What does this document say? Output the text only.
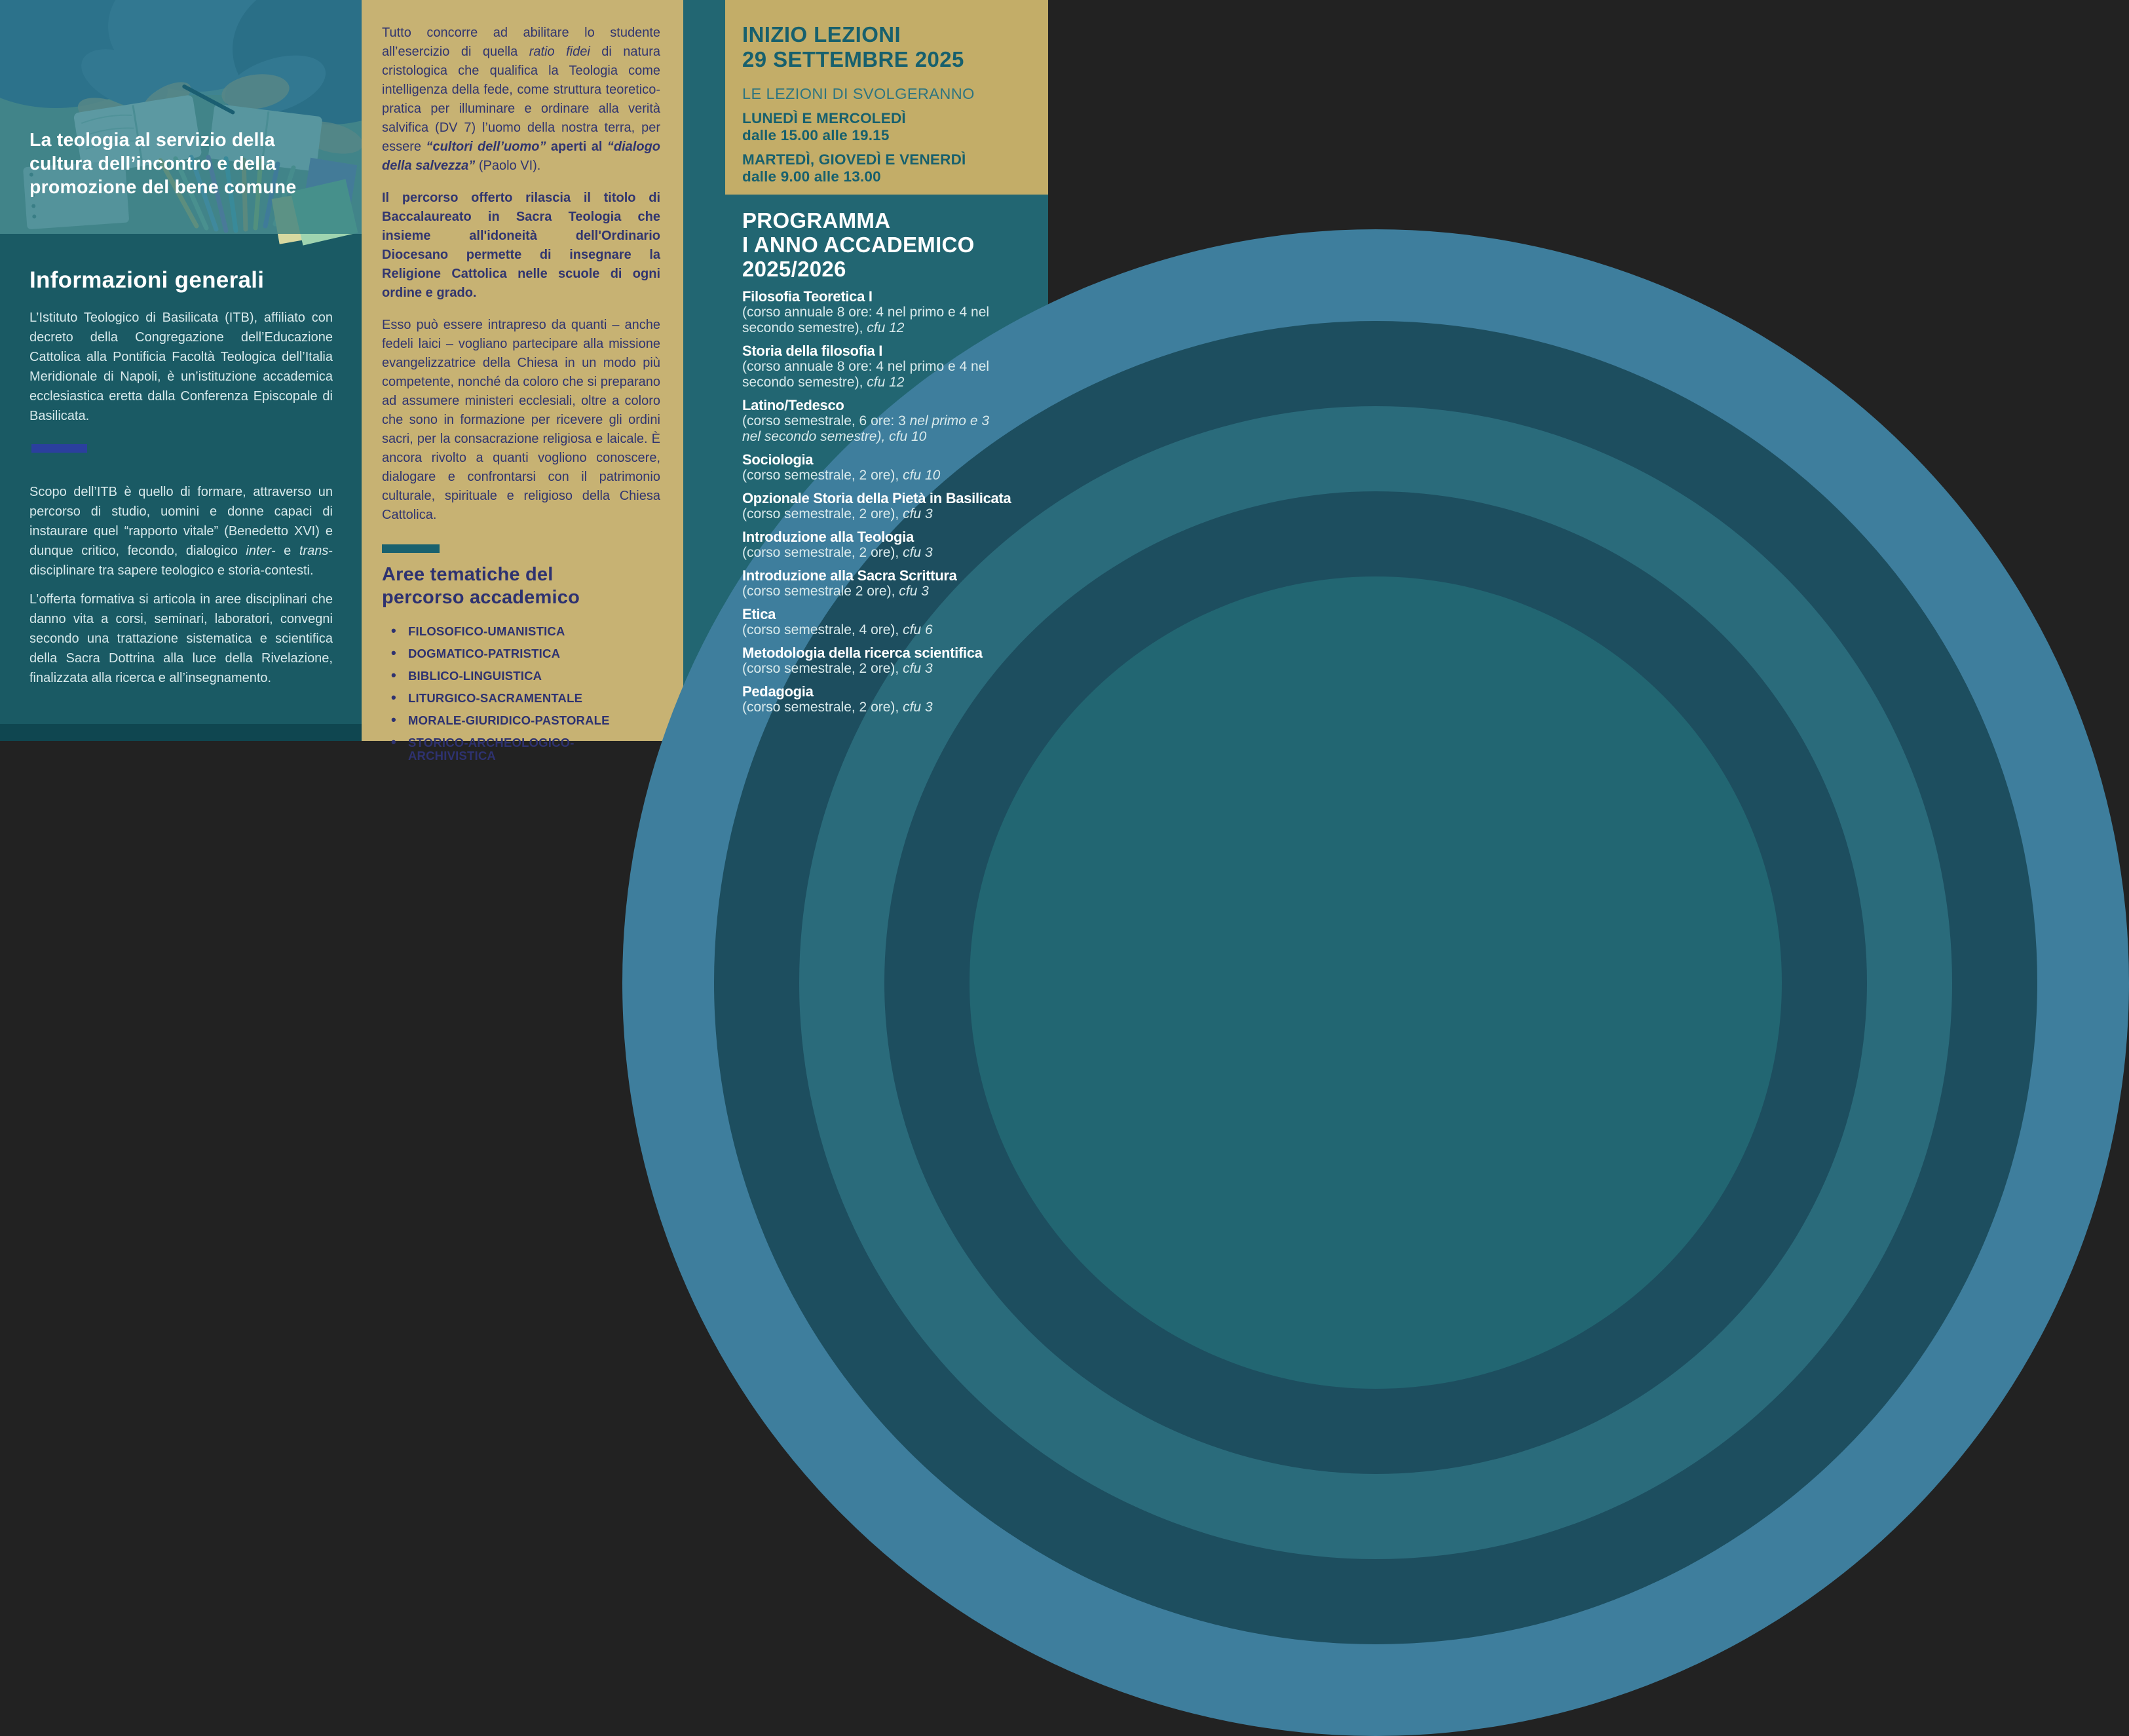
La teologia al servizio della
cultura dell’incontro e della
promozione del bene comune
Informazioni generali

L’Istituto Teologico di Basilicata (ITB), affiliato con decreto della Congregazione dell’Educazione Cattolica alla Pontificia Facoltà Teologica dell’Italia Meridionale di Napoli, è un’istituzione accademica ecclesiastica eretta dalla Conferenza Episcopale di Basilicata.

Scopo dell’ITB è quello di formare, attraverso un percorso di studio, uomini e donne capaci di instaurare quel “rapporto vitale” (Benedetto XVI) e dunque critico, fecondo, dialogico inter- e trans-disciplinare tra sapere teologico e storia-contesti.

L’offerta formativa si articola in aree disciplinari che danno vita a corsi, seminari, laboratori, convegni secondo una trattazione sistematica e scientifica della Sacra Dottrina alla luce della Rivelazione, finalizzata alla ricerca e all’insegnamento.

Tutto concorre ad abilitare lo studente all’esercizio di quella ratio fidei di natura cristologica che qualifica la Teologia come intelligenza della fede, come struttura teoretico-pratica per illuminare e ordinare alla verità salvifica (DV 7) l’uomo della nostra terra, per essere “cultori dell’uomo” aperti al “dialogo della salvezza” (Paolo VI).

Il percorso offerto rilascia il titolo di Baccalaureato in Sacra Teologia che insieme all'idoneità dell'Ordinario Diocesano permette di insegnare la Religione Cattolica nelle scuole di ogni ordine e grado.

Esso può essere intrapreso da quanti – anche fedeli laici – vogliano partecipare alla missione evangelizzatrice della Chiesa in un modo più competente, nonché da coloro che si preparano ad assumere ministeri ecclesiali, oltre a coloro che sono in formazione per ricevere gli ordini sacri, per la consacrazione religiosa e laicale. È ancora rivolto a quanti vogliono conoscere, dialogare e confrontarsi con il patrimonio culturale, spirituale e religioso della Chiesa Cattolica.

Aree tematiche del
percorso accademico
• FILOSOFICO-UMANISTICA
• DOGMATICO-PATRISTICA
• BIBLICO-LINGUISTICA
• LITURGICO-SACRAMENTALE
• MORALE-GIURIDICO-PASTORALE
• STORICO-ARCHEOLOGICO-ARCHIVISTICA
INIZIO LEZIONI
29 SETTEMBRE 2025
LE LEZIONI DI SVOLGERANNO
LUNEDÌ E MERCOLEDÌ
dalle 15.00 alle 19.15
MARTEDÌ, GIOVEDÌ E VENERDÌ
dalle 9.00 alle 13.00
PROGRAMMA
I ANNO ACCADEMICO
2025/2026
Filosofia Teoretica I
(corso annuale 8 ore: 4 nel primo e 4 nel secondo semestre), cfu 12
Storia della filosofia I
(corso annuale 8 ore: 4 nel primo e 4 nel secondo semestre), cfu 12
Latino/Tedesco
(corso semestrale, 6 ore: 3 nel primo e 3 nel secondo semestre), cfu 10
Sociologia
(corso semestrale, 2 ore), cfu 10
Opzionale Storia della Pietà in Basilicata
(corso semestrale, 2 ore), cfu 3
Introduzione alla Teologia
(corso semestrale, 2 ore), cfu 3
Introduzione alla Sacra Scrittura
(corso semestrale 2 ore), cfu 3
Etica
(corso semestrale, 4 ore), cfu 6
Metodologia della ricerca scientifica
(corso semestrale, 2 ore), cfu 3
Pedagogia
(corso semestrale, 2 ore), cfu 3
